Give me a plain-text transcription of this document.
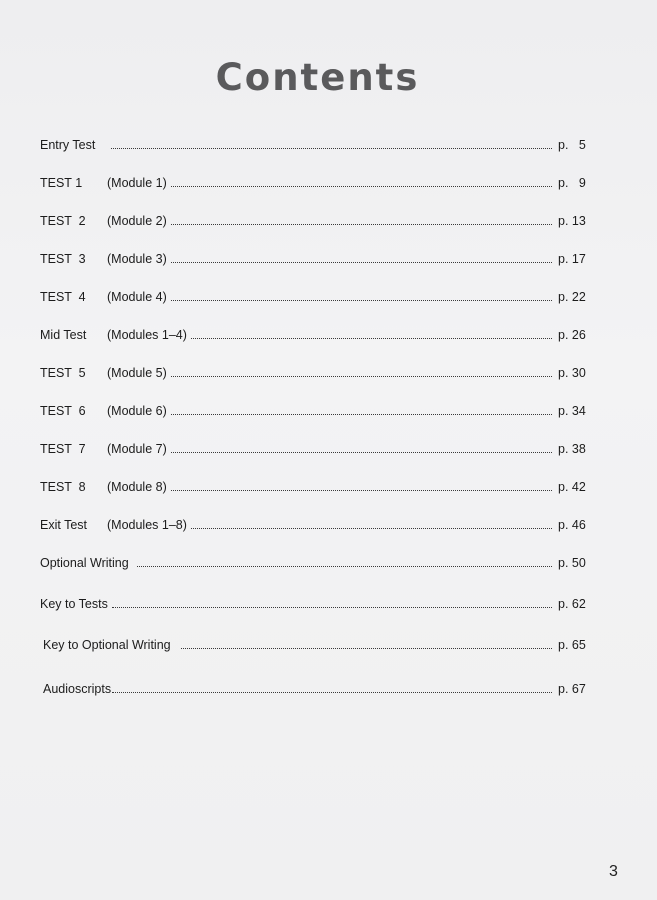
Contents
Entry Test	p.   5
TEST 1	(Module 1)	p.   9
TEST  2	(Module 2)	p. 13
TEST  3	(Module 3)	p. 17
TEST  4	(Module 4)	p. 22
Mid Test	(Modules 1–4)	p. 26
TEST  5	(Module 5)	p. 30
TEST  6	(Module 6)	p. 34
TEST  7	(Module 7)	p. 38
TEST  8	(Module 8)	p. 42
Exit Test	(Modules 1–8)	p. 46
Optional Writing	p. 50
Key to Tests	p. 62
Key to Optional Writing	p. 65
Audioscripts	p. 67
3
